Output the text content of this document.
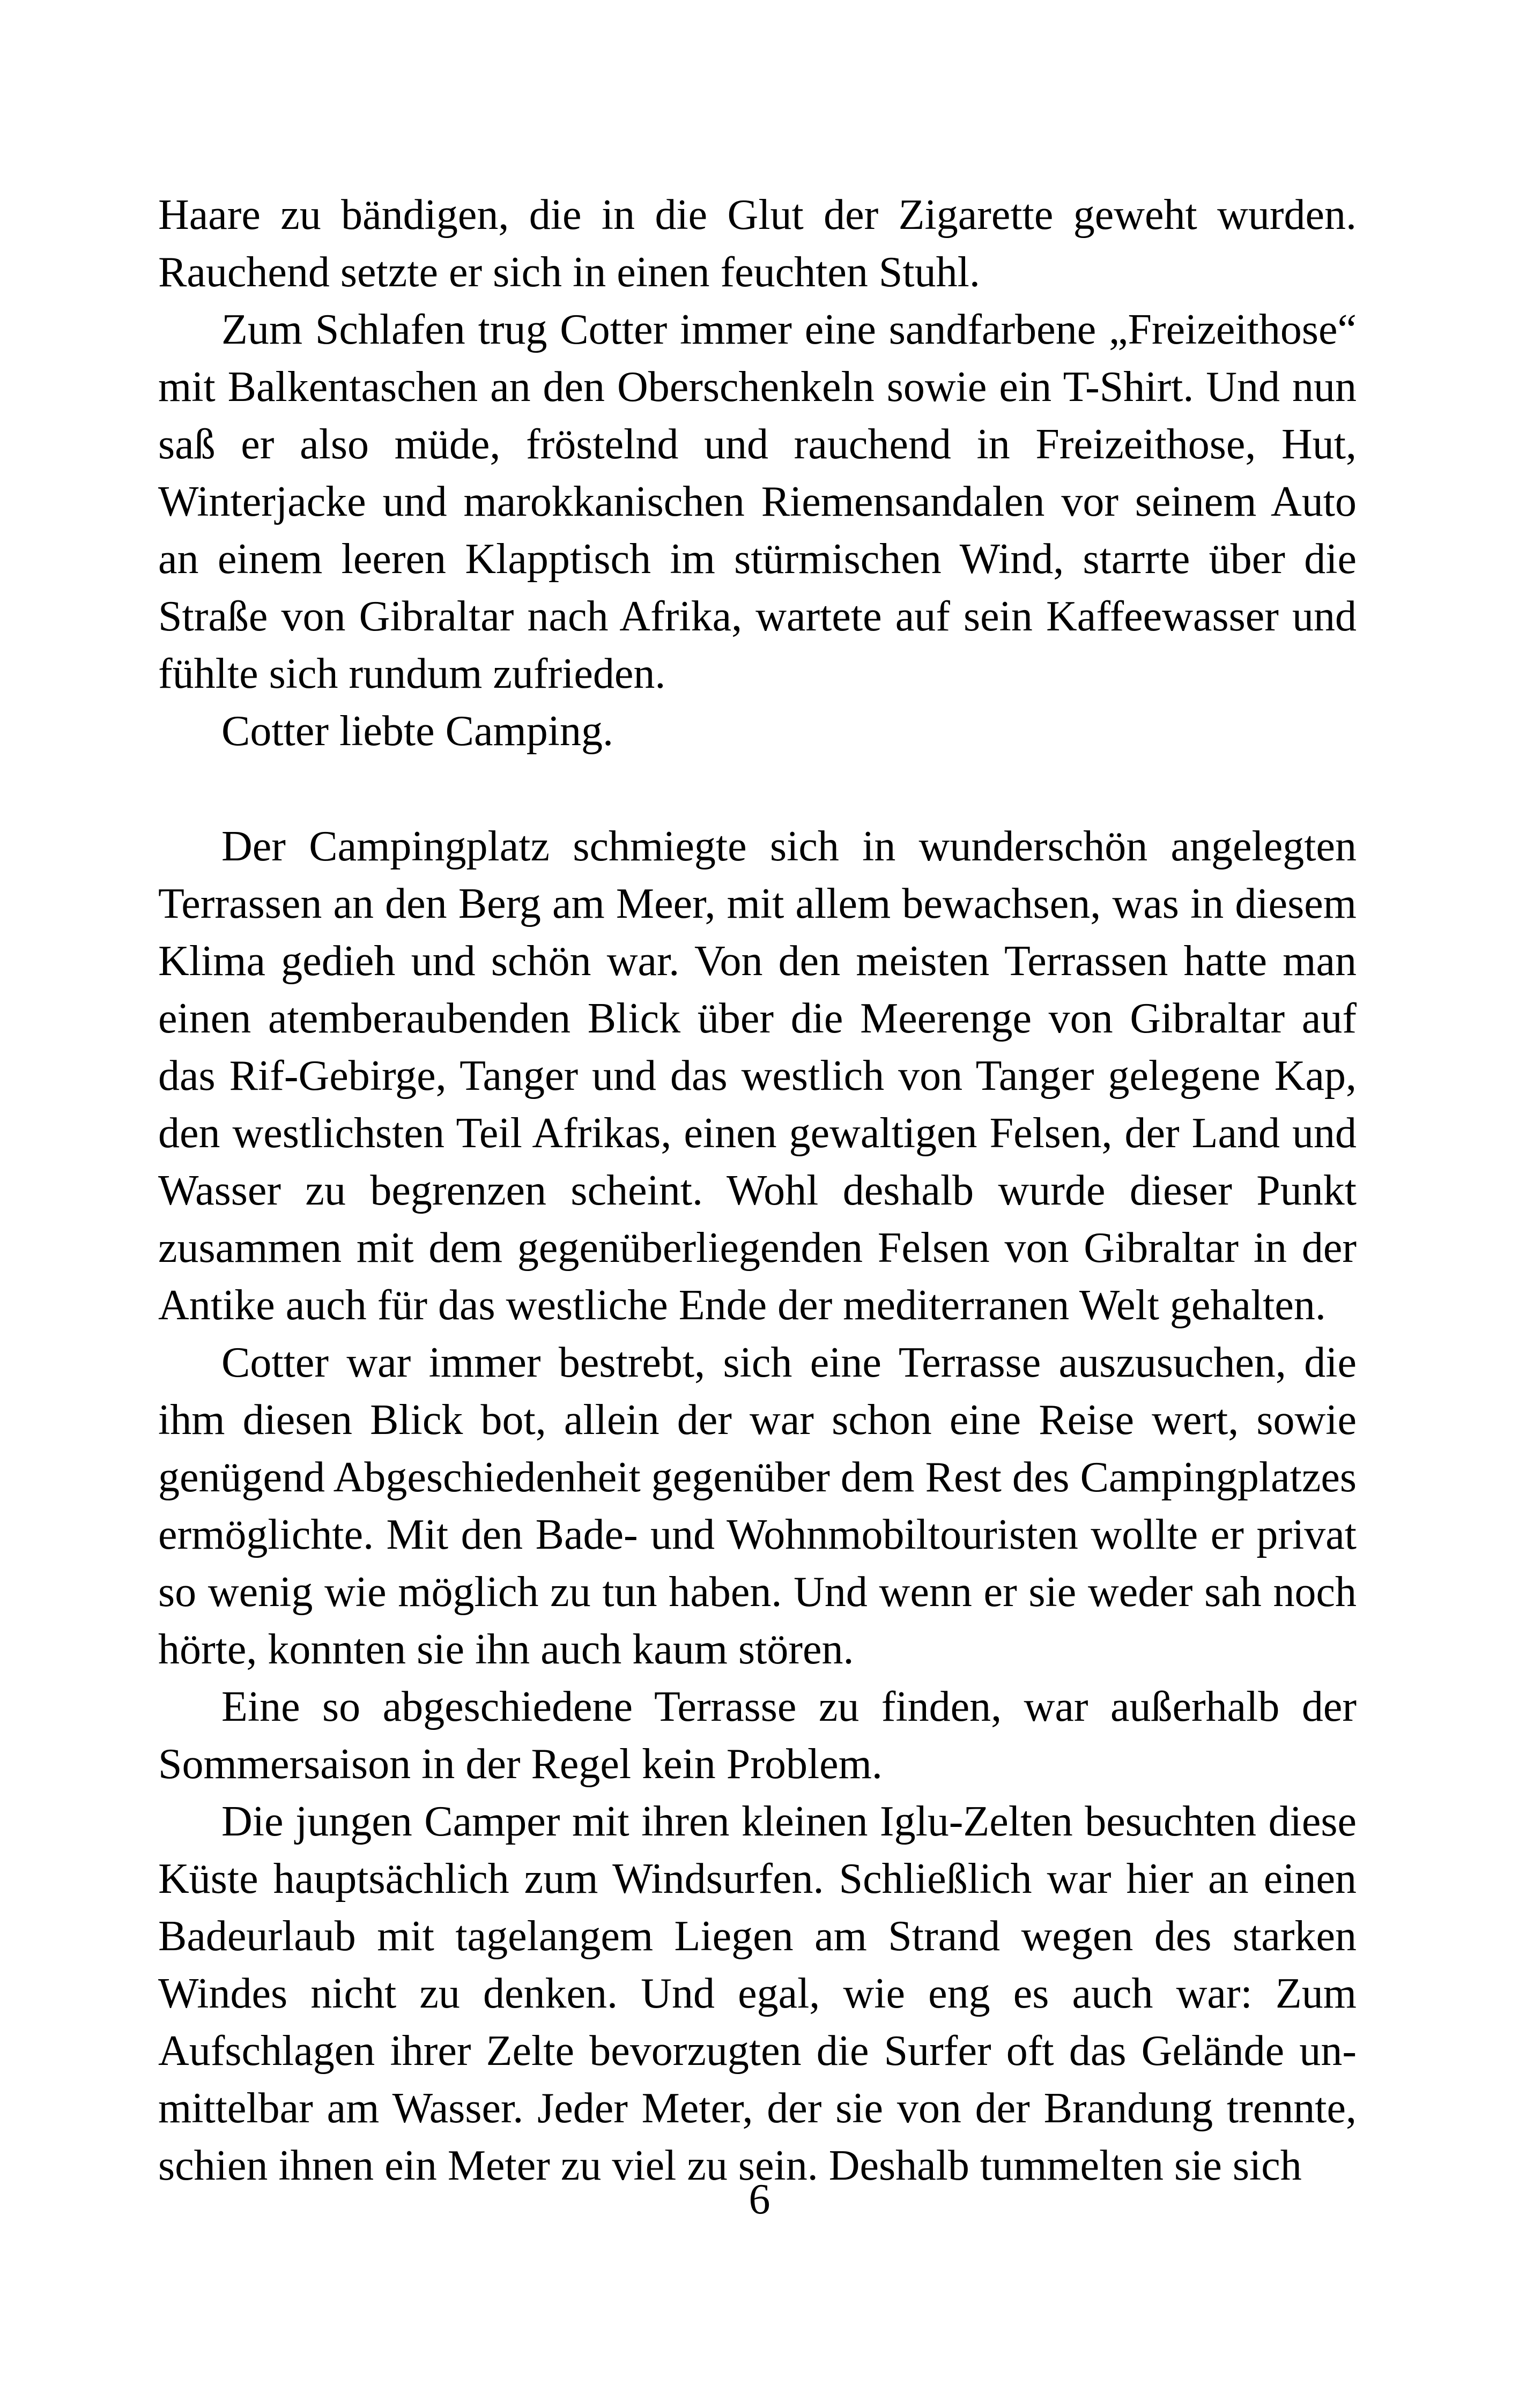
Haare zu bändigen, die in die Glut der Zigarette geweht wurden. Rauchend setzte er sich in einen feuchten Stuhl.

Zum Schlafen trug Cotter immer eine sandfarbene „Freizeithose“ mit Balkentaschen an den Oberschenkeln sowie ein T-Shirt. Und nun saß er also müde, fröstelnd und rauchend in Freizeithose, Hut, Winterjacke und marokkanischen Riemensandalen vor seinem Auto an einem leeren Klapptisch im stürmischen Wind, starrte über die Straße von Gibraltar nach Afrika, wartete auf sein Kaffeewasser und fühlte sich rundum zufrieden.

Cotter liebte Camping.

Der Campingplatz schmiegte sich in wunderschön angelegten Terrassen an den Berg am Meer, mit allem bewachsen, was in diesem Klima gedieh und schön war. Von den meisten Terrassen hatte man einen atemberaubenden Blick über die Meerenge von Gibraltar auf das Rif-Gebirge, Tanger und das westlich von Tanger gelegene Kap, den westlichsten Teil Afrikas, einen gewaltigen Felsen, der Land und Wasser zu begrenzen scheint. Wohl deshalb wurde dieser Punkt zusammen mit dem gegenüberliegenden Felsen von Gibraltar in der Antike auch für das westliche Ende der mediterranen Welt gehalten.

Cotter war immer bestrebt, sich eine Terrasse auszusuchen, die ihm diesen Blick bot, allein der war schon eine Reise wert, sowie genügend Abgeschiedenheit gegenüber dem Rest des Campingplatzes ermöglichte. Mit den Bade- und Wohnmobiltouristen wollte er privat so wenig wie möglich zu tun haben. Und wenn er sie weder sah noch hörte, konnten sie ihn auch kaum stören.

Eine so abgeschiedene Terrasse zu finden, war außerhalb der Sommersaison in der Regel kein Problem.

Die jungen Camper mit ihren kleinen Iglu-Zelten besuchten diese Küste hauptsächlich zum Windsurfen. Schließlich war hier an einen Badeurlaub mit tagelangem Liegen am Strand wegen des starken Windes nicht zu denken. Und egal, wie eng es auch war: Zum Aufschlagen ihrer Zelte bevorzugten die Surfer oft das Gelände unmittelbar am Wasser. Jeder Meter, der sie von der Brandung trennte, schien ihnen ein Meter zu viel zu sein. Deshalb tummelten sie sich

6
